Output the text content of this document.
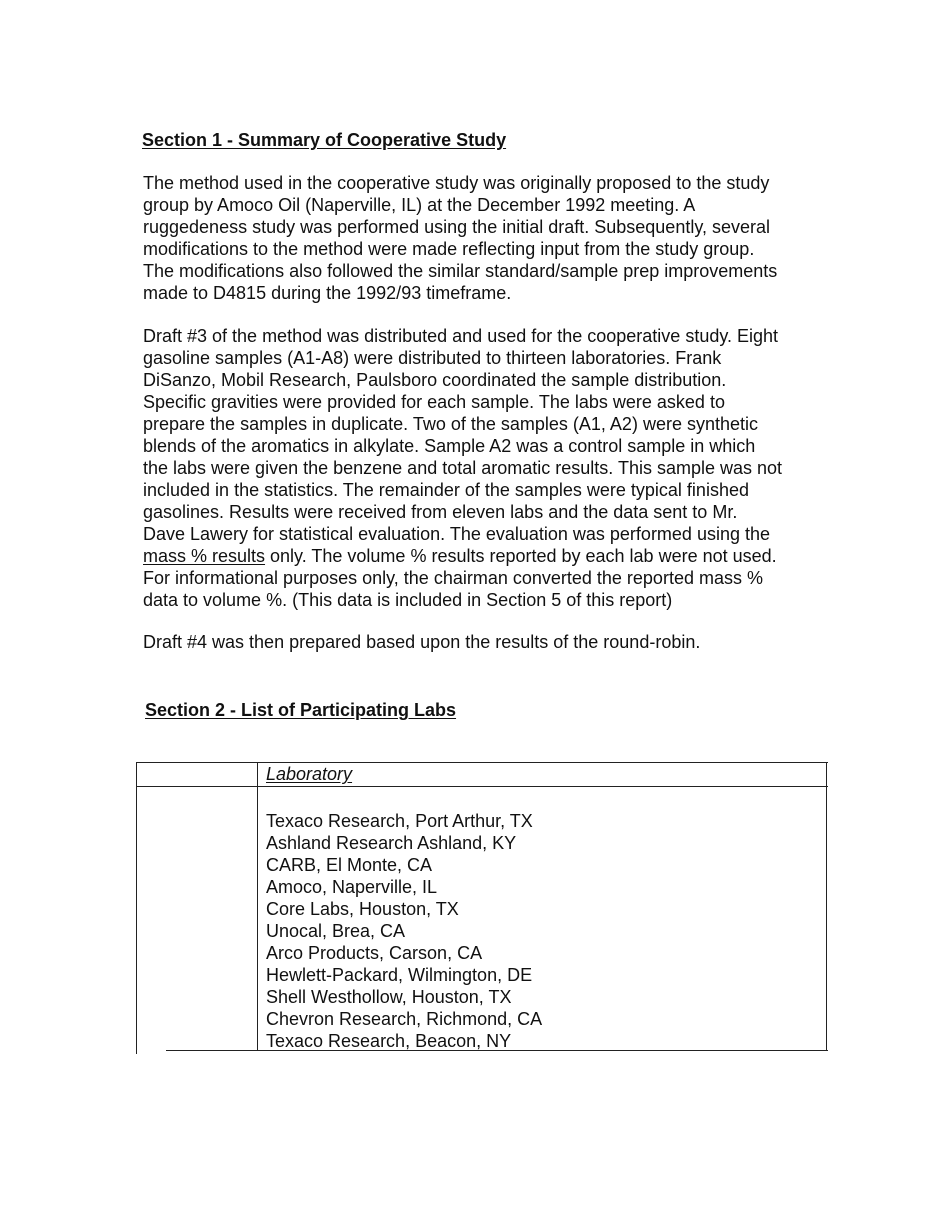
Section 1 - Summary of Cooperative Study

The method used in the cooperative study was originally proposed to the study
group by Amoco Oil (Naperville, IL) at the December 1992 meeting. A
ruggedeness study was performed using the initial draft. Subsequently, several
modifications to the method were made reflecting input from the study group.
The modifications also followed the similar standard/sample prep improvements
made to D4815 during the 1992/93 timeframe.

Draft #3 of the method was distributed and used for the cooperative study. Eight
gasoline samples (A1-A8) were distributed to thirteen laboratories. Frank
DiSanzo, Mobil Research, Paulsboro coordinated the sample distribution.
Specific gravities were provided for each sample. The labs were asked to
prepare the samples in duplicate. Two of the samples (A1, A2) were synthetic
blends of the aromatics in alkylate. Sample A2 was a control sample in which
the labs were given the benzene and total aromatic results. This sample was not
included in the statistics. The remainder of the samples were typical finished
gasolines. Results were received from eleven labs and the data sent to Mr.
Dave Lawery for statistical evaluation. The evaluation was performed using the
mass % results only. The volume % results reported by each lab were not used.
For informational purposes only, the chairman converted the reported mass %
data to volume %. (This data is included in Section 5 of this report)

Draft #4 was then prepared based upon the results of the round-robin.

Section 2 - List of Participating Labs

Laboratory

Texaco Research, Port Arthur, TX
Ashland Research Ashland, KY
CARB, El Monte, CA
Amoco, Naperville, IL
Core Labs, Houston, TX
Unocal, Brea, CA
Arco Products, Carson, CA
Hewlett-Packard, Wilmington, DE
Shell Westhollow, Houston, TX
Chevron Research, Richmond, CA
Texaco Research, Beacon, NY
